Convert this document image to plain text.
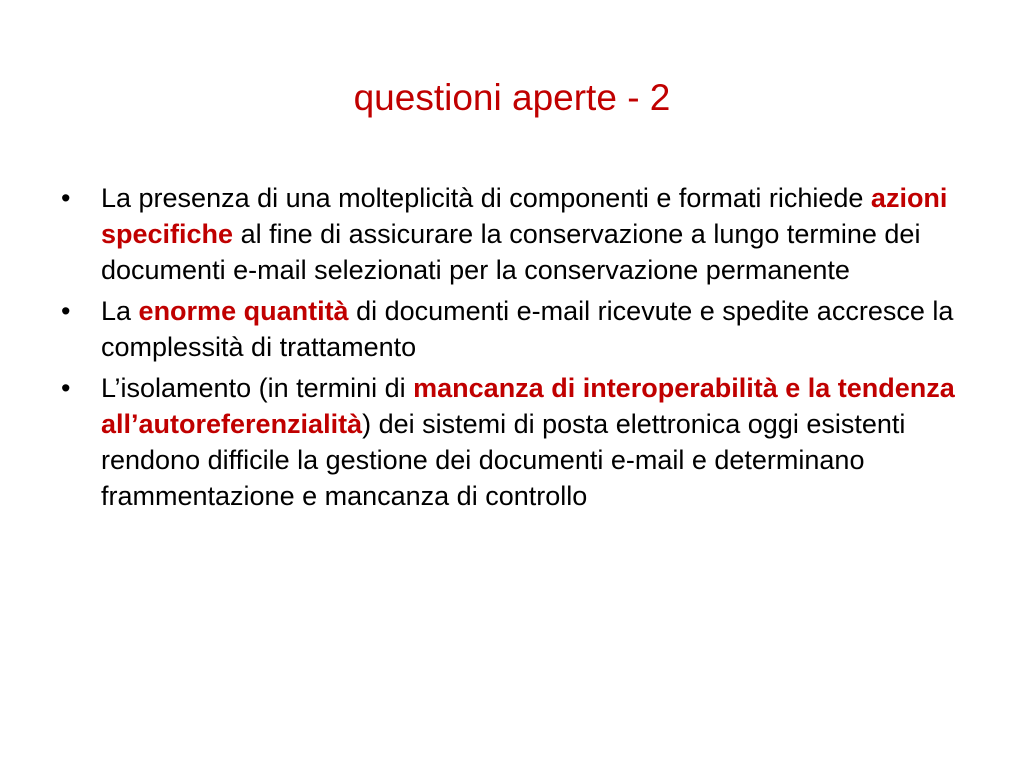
questioni aperte - 2
•	La presenza di una molteplicità di componenti e formati richiede azioni specifiche al fine di assicurare la conservazione a lungo termine dei documenti e-mail selezionati per la conservazione permanente
•	La enorme quantità di documenti e-mail ricevute e spedite accresce la complessità di trattamento
•	L’isolamento (in termini di mancanza di interoperabilità e la tendenza all’autoreferenzialità) dei sistemi di posta elettronica oggi esistenti rendono difficile la gestione dei documenti e-mail e determinano frammentazione e mancanza di controllo
